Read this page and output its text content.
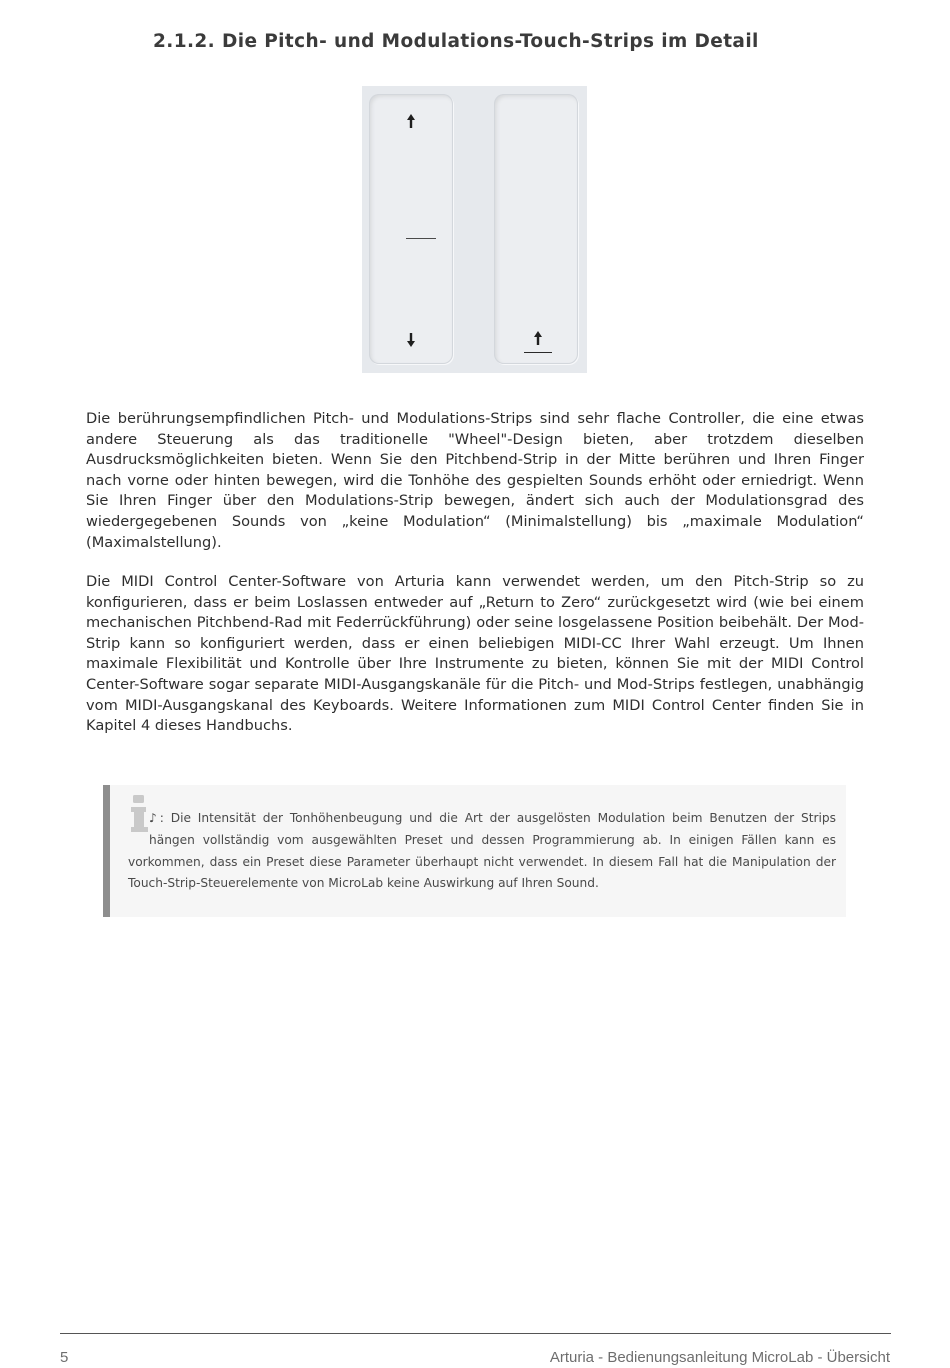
2.1.2. Die Pitch- und Modulations-Touch-Strips im Detail

Die berührungsempfindlichen Pitch- und Modulations-Strips sind sehr flache Controller, die eine etwas andere Steuerung als das traditionelle "Wheel"-Design bieten, aber trotzdem dieselben Ausdrucksmöglichkeiten bieten. Wenn Sie den Pitchbend-Strip in der Mitte berühren und Ihren Finger nach vorne oder hinten bewegen, wird die Tonhöhe des gespielten Sounds erhöht oder erniedrigt. Wenn Sie Ihren Finger über den Modulations-Strip bewegen, ändert sich auch der Modulationsgrad des wiedergegebenen Sounds von „keine Modulation“ (Minimalstellung) bis „maximale Modulation“ (Maximalstellung).

Die MIDI Control Center-Software von Arturia kann verwendet werden, um den Pitch-Strip so zu konfigurieren, dass er beim Loslassen entweder auf „Return to Zero“ zurückgesetzt wird (wie bei einem mechanischen Pitchbend-Rad mit Federrückführung) oder seine losgelassene Position beibehält. Der Mod-Strip kann so konfiguriert werden, dass er einen beliebigen MIDI-CC Ihrer Wahl erzeugt. Um Ihnen maximale Flexibilität und Kontrolle über Ihre Instrumente zu bieten, können Sie mit der MIDI Control Center-Software sogar separate MIDI-Ausgangskanäle für die Pitch- und Mod-Strips festlegen, unabhängig vom MIDI-Ausgangskanal des Keyboards. Weitere Informationen zum MIDI Control Center finden Sie in Kapitel 4 dieses Handbuchs.

♪: Die Intensität der Tonhöhenbeugung und die Art der ausgelösten Modulation beim Benutzen der Strips hängen vollständig vom ausgewählten Preset und dessen Programmierung ab. In einigen Fällen kann es vorkommen, dass ein Preset diese Parameter überhaupt nicht verwendet. In diesem Fall hat die Manipulation der Touch-Strip-Steuerelemente von MicroLab keine Auswirkung auf Ihren Sound.

5	Arturia - Bedienungsanleitung MicroLab - Übersicht
